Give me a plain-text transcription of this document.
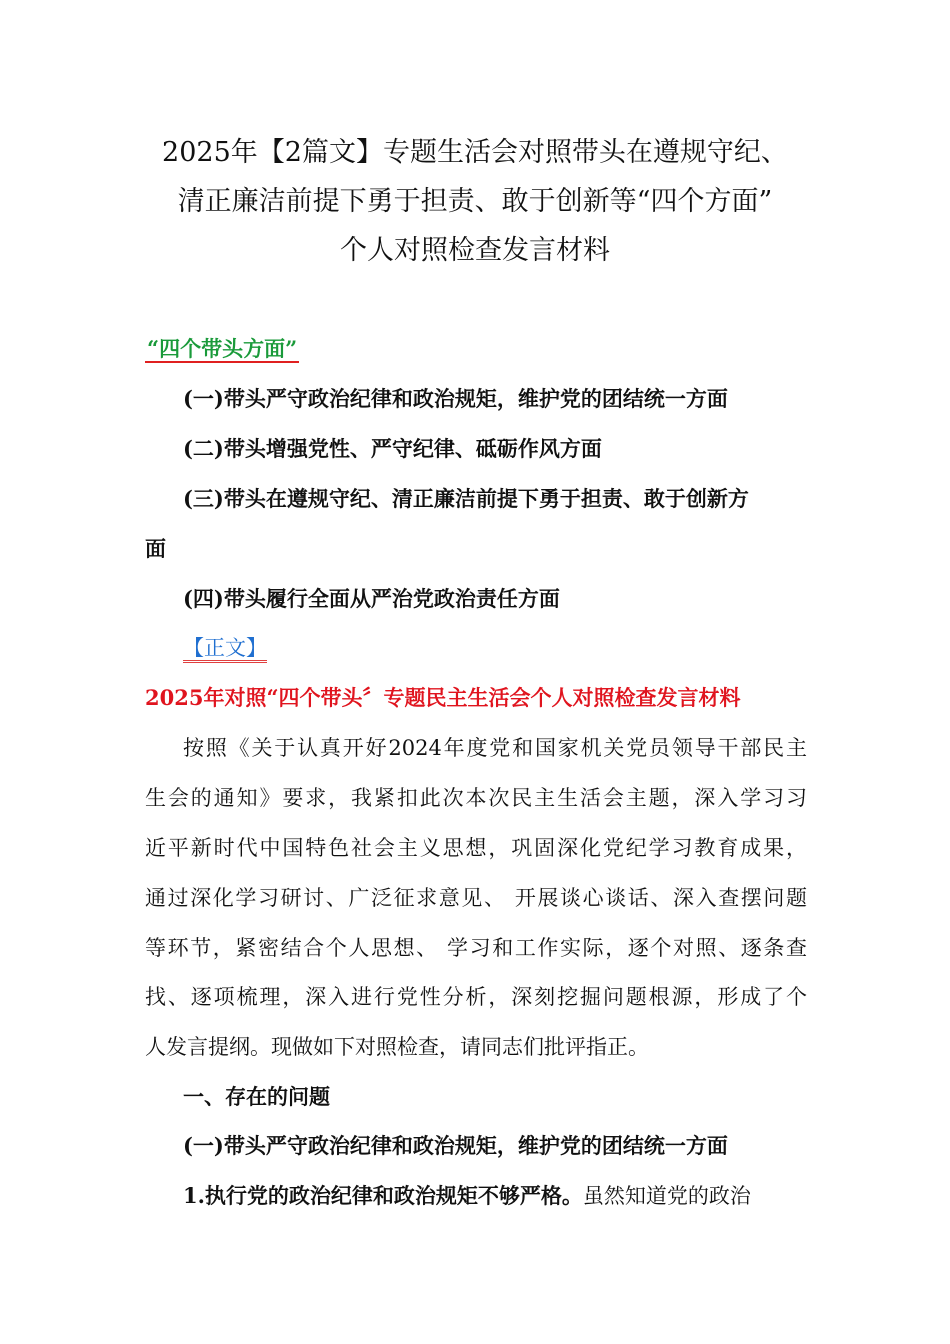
2025年【2篇文】专题生活会对照带头在遵规守纪、
清正廉洁前提下勇于担责、敢于创新等“四个方面”
个人对照检查发言材料
“四个带头方面”
(一)带头严守政治纪律和政治规矩，维护党的团结统一方面
(二)带头增强党性、严守纪律、砥砺作风方面
(三)带头在遵规守纪、清正廉洁前提下勇于担责、敢于创新方
面
(四)带头履行全面从严治党政治责任方面
【正文】
2025年对照“四个带头〞专题民主生活会个人对照检查发言材料
按照《关于认真开好2024年度党和国家机关党员领导干部民主
生会的通知》要求，我紧扣此次本次民主生活会主题，深入学习习
近平新时代中国特色社会主义思想，巩固深化党纪学习教育成果，
通过深化学习研讨、广泛征求意见、 开展谈心谈话、深入查摆问题
等环节，紧密结合个人思想、 学习和工作实际，逐个对照、逐条查
找、逐项梳理，深入进行党性分析，深刻挖掘问题根源，形成了个
人发言提纲。现做如下对照检查，请同志们批评指正。
一、存在的问题
(一)带头严守政治纪律和政治规矩，维护党的团结统一方面
1.执行党的政治纪律和政治规矩不够严格。虽然知道党的政治
